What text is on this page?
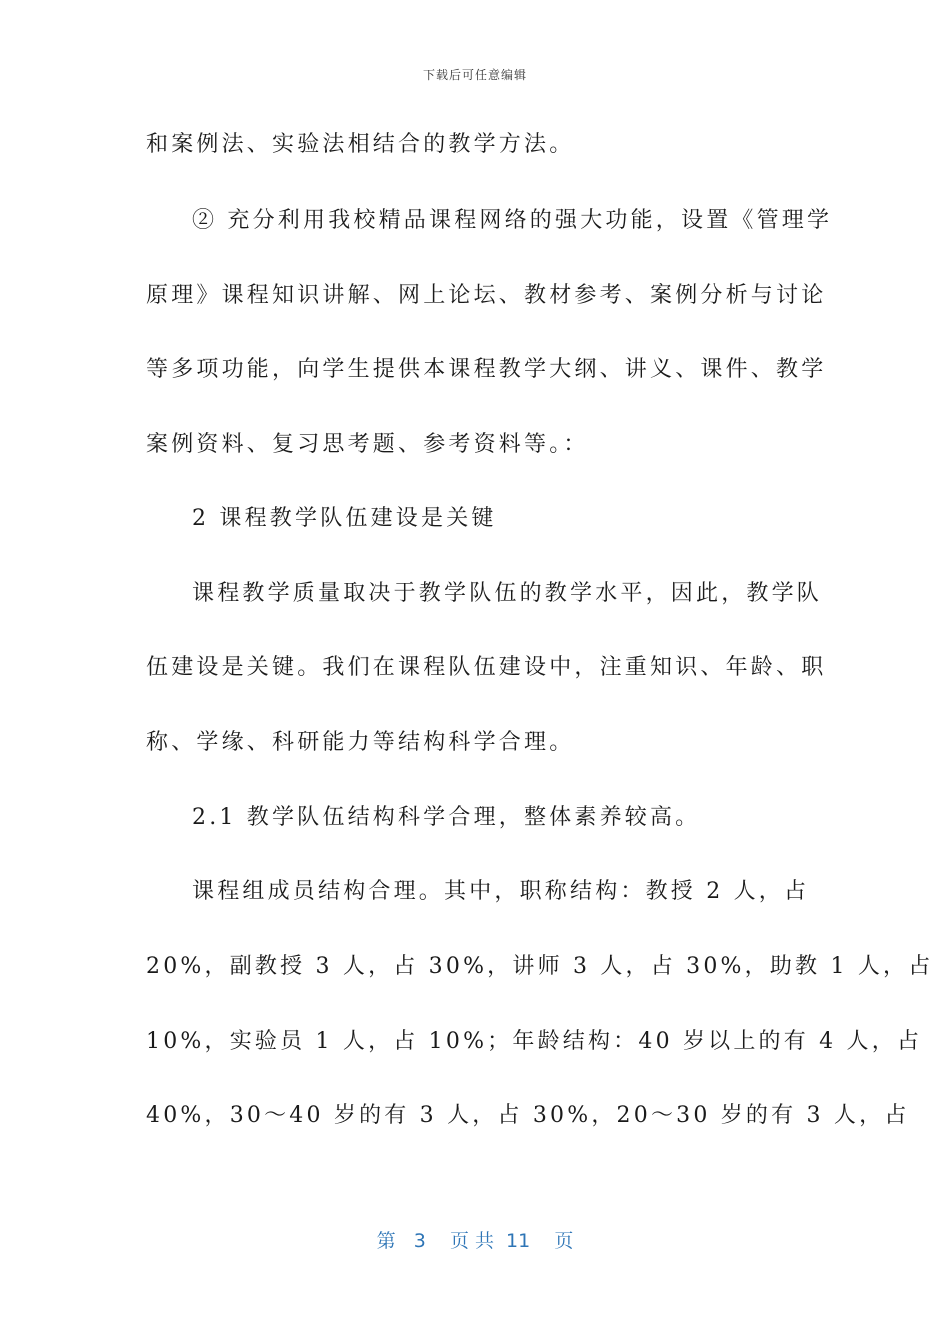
下载后可任意编辑
和案例法、实验法相结合的教学方法。
② 充分利用我校精品课程网络的强大功能，设置《管理学
原理》课程知识讲解、网上论坛、教材参考、案例分析与讨论
等多项功能，向学生提供本课程教学大纲、讲义、课件、教学
案例资料、复习思考题、参考资料等。：
2 课程教学队伍建设是关键
课程教学质量取决于教学队伍的教学水平，因此，教学队
伍建设是关键。我们在课程队伍建设中，注重知识、年龄、职
称、学缘、科研能力等结构科学合理。
2.1 教学队伍结构科学合理，整体素养较高。
课程组成员结构合理。其中，职称结构：教授 2 人，占
20%，副教授 3 人，占 30%，讲师 3 人，占 30%，助教 1 人，占
10%，实验员 1 人，占 10%；年龄结构：40 岁以上的有 4 人，占
40%，30～40 岁的有 3 人，占 30%，20～30 岁的有 3 人，占
第   3    页 共  11    页
